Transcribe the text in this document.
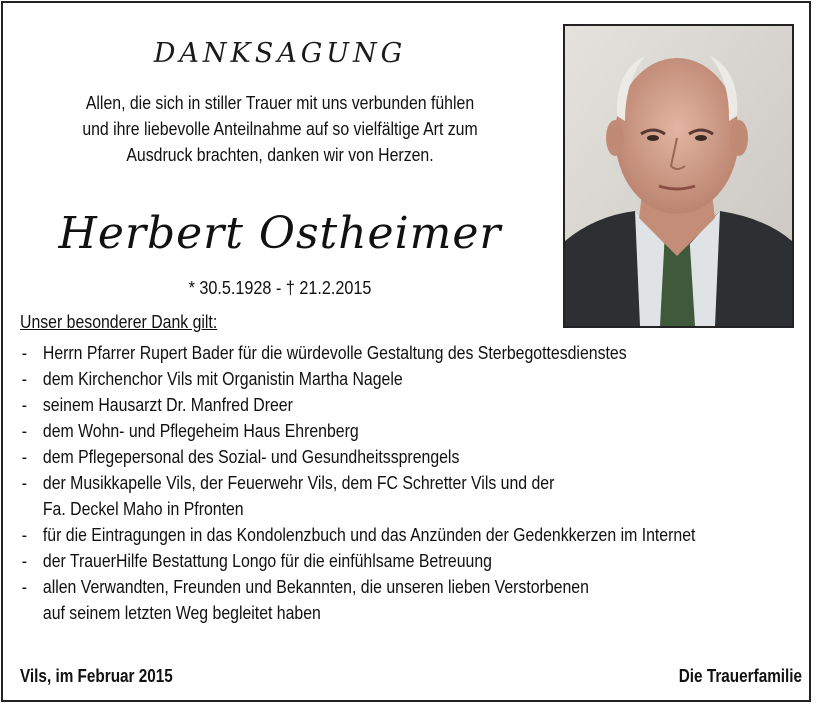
DANKSAGUNG
Allen, die sich in stiller Trauer mit uns verbunden fühlen
und ihre liebevolle Anteilnahme auf so vielfältige Art zum
Ausdruck brachten, danken wir von Herzen.
Herbert Ostheimer
* 30.5.1928 - † 21.2.2015
Unser besonderer Dank gilt:
- Herrn Pfarrer Rupert Bader für die würdevolle Gestaltung des Sterbegottesdienstes
- dem Kirchenchor Vils mit Organistin Martha Nagele
- seinem Hausarzt Dr. Manfred Dreer
- dem Wohn- und Pflegeheim Haus Ehrenberg
- dem Pflegepersonal des Sozial- und Gesundheitssprengels
- der Musikkapelle Vils, der Feuerwehr Vils, dem FC Schretter Vils und der
Fa. Deckel Maho in Pfronten
- für die Eintragungen in das Kondolenzbuch und das Anzünden der Gedenkkerzen im Internet
- der TrauerHilfe Bestattung Longo für die einfühlsame Betreuung
- allen Verwandten, Freunden und Bekannten, die unseren lieben Verstorbenen
auf seinem letzten Weg begleitet haben
Vils, im Februar 2015	Die Trauerfamilie
